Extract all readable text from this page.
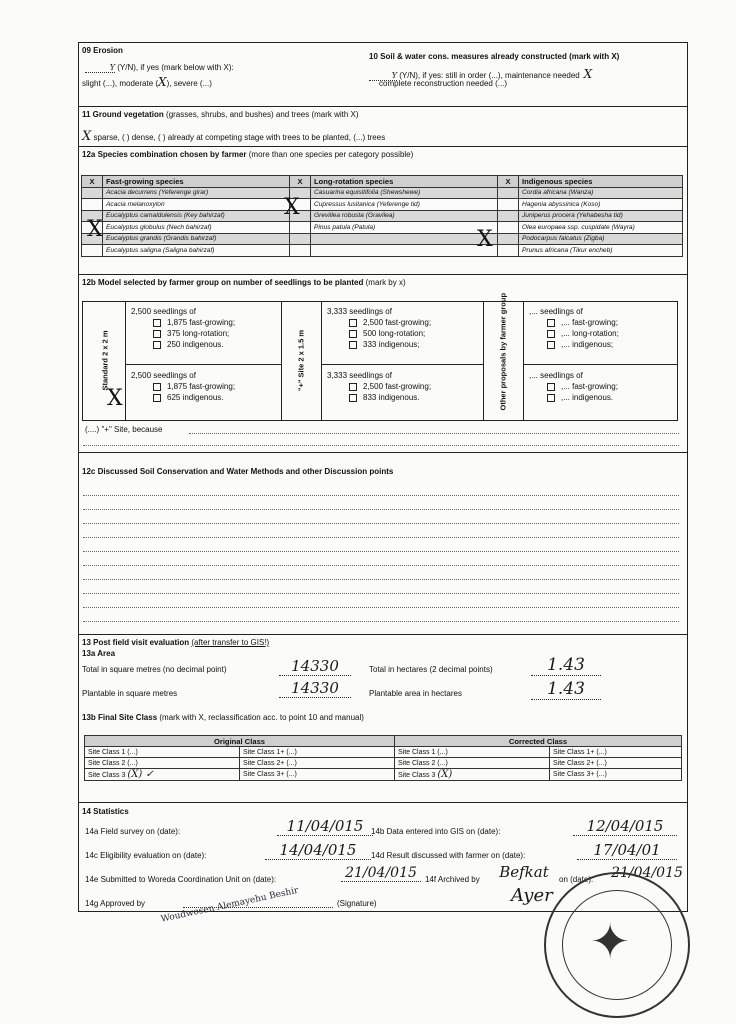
09 Erosion
Y (Y/N), if yes (mark below with X):
slight (...), moderate (X), severe (...)
10 Soil & water cons. measures already constructed (mark with X)
Y (Y/N), if yes: still in order (...), maintenance needed X
complete reconstruction needed (...)
11 Ground vegetation (grasses, shrubs, and bushes) and trees (mark with X)
X sparse, ( ) dense, ( ) already at competing stage with trees to be planted, (...) trees
12a Species combination chosen by farmer (more than one species per category possible)
X	Fast-growing species	X	Long-rotation species	X	Indigenous species
	Acacia decurrens (Yeferenge girar)		Casuarina equisitifolia (Shewshewe)		Cordia africana (Wanza)
	Acacia melanoxylon		Cupressus lusitanica (Yeferenge tid)		Hagenia abyssinica (Koso)
	Eucalyptus camaldulensis (Key bahirzaf)		Grevillea robusta (Gravilea)		Juniperus procera (Yehabesha tid)
	Eucalyptus globulus (Nech bahirzaf)		Pinus patula (Patula)		Olea europaea ssp. cuspidate (Wayra)
	Eucalyptus grandis (Grandis bahirzaf)				Podocarpus falcatus (Zigba)
	Eucalyptus saligna (Saligna bahirzaf)				Prunus africana (Tikur encheb)
X
X
X
12b Model selected by farmer group on number of seedlings to be planted (mark by x)
Standard 2 x 2 m	"+" Site 2 x 1.5 m	Other proposals by farmer group
2,500 seedlings of
1,875 fast-growing;
375 long-rotation;
250 indigenous.
2,500 seedlings of
1,875 fast-growing;
625 indigenous.
X
3,333 seedlings of
2,500 fast-growing;
500 long-rotation;
333 indigenous;
3,333 seedlings of
2,500 fast-growing;
833 indigenous.
,... seedlings of
,... fast-growing;
,... long-rotation;
,... indigenous;
,... seedlings of
,... fast-growing;
,... indigenous.
(....) "+" Site, because
12c Discussed Soil Conservation and Water Methods and other Discussion points
13 Post field visit evaluation (after transfer to GIS!)
13a Area
Total in square metres (no decimal point)	14330	Total in hectares (2 decimal points)	1.43
Plantable in square metres	14330	Plantable area in hectares	1.43
13b Final Site Class (mark with X, reclassification acc. to point 10 and manual)
Original Class		Corrected Class	
Site Class 1 (...)	Site Class 1+ (...)	Site Class 1 (...)	Site Class 1+ (...)
Site Class 2 (...)	Site Class 2+ (...)	Site Class 2 (...)	Site Class 2+ (...)
Site Class 3 (X) ✓	Site Class 3+ (...)	Site Class 3 (X)	Site Class 3+ (...)
14 Statistics
14a Field survey on (date):	11/04/015 14b Data entered into GIS on (date):	12/04/015
14c Eligibility evaluation on (date):	14/04/015	14d Result discussed with farmer on (date):	17/04/01
14e Submitted to Woreda Coordination Unit on (date):	21/04/015	14f Archived by	Befkat	on (date): 21/04/015
14g Approved by	(Signature)	Ayer
Woudwosen Alemayehu Beshir
✦
